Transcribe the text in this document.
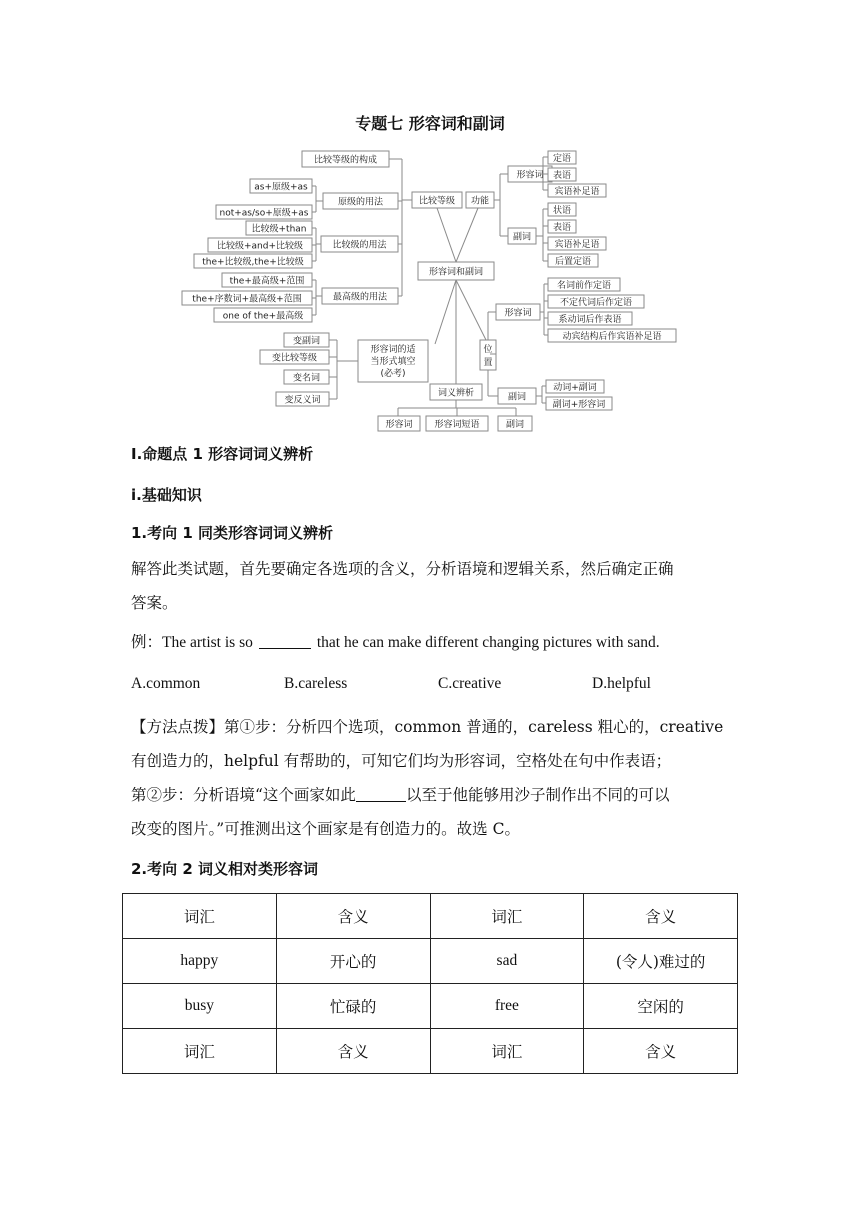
专题七 形容词和副词
形容词和副词
比较等级
比较等级的构成
原级的用法
as+原级+as
not+as/so+原级+as
比较级的用法
比较级+than
比较级+and+比较级
the+比较级,the+比较级
最高级的用法
the+最高级+范围
the+序数词+最高级+范围
one of the+最高级
形容词的适
当形式填空
(必考)
变副词
变比较等级
变名词
变反义词
词义辨析
形容词 形容词短语	副词
功能
形容词
定语
表语
宾语补足语
副词
状语
表语
宾语补足语
后置定语
位
置
形容词
名词前作定语
不定代词后作定语
系动词后作表语
动宾结构后作宾语补足语
副词
动词+副词
副词+形容词
Ⅰ.命题点 1 形容词词义辨析
ⅰ.基础知识
1.考向 1 同类形容词词义辨析
解答此类试题，首先要确定各选项的含义，分析语境和逻辑关系，然后确定正确
答案。
例：The artist is so	that he can make different changing pictures with sand.
A.common	B.careless	C.creative	D.helpful
【方法点拨】第①步：分析四个选项，common 普通的，careless 粗心的，creative
有创造力的，helpful 有帮助的，可知它们均为形容词，空格处在句中作表语；
第②步：分析语境“这个画家如此	以至于他能够用沙子制作出不同的可以
改变的图片。”可推测出这个画家是有创造力的。故选 C。
2.考向 2 词义相对类形容词
词汇	含义	词汇	含义
happy	开心的	sad	(令人)难过的
busy	忙碌的	free	空闲的
词汇	含义	词汇	含义
